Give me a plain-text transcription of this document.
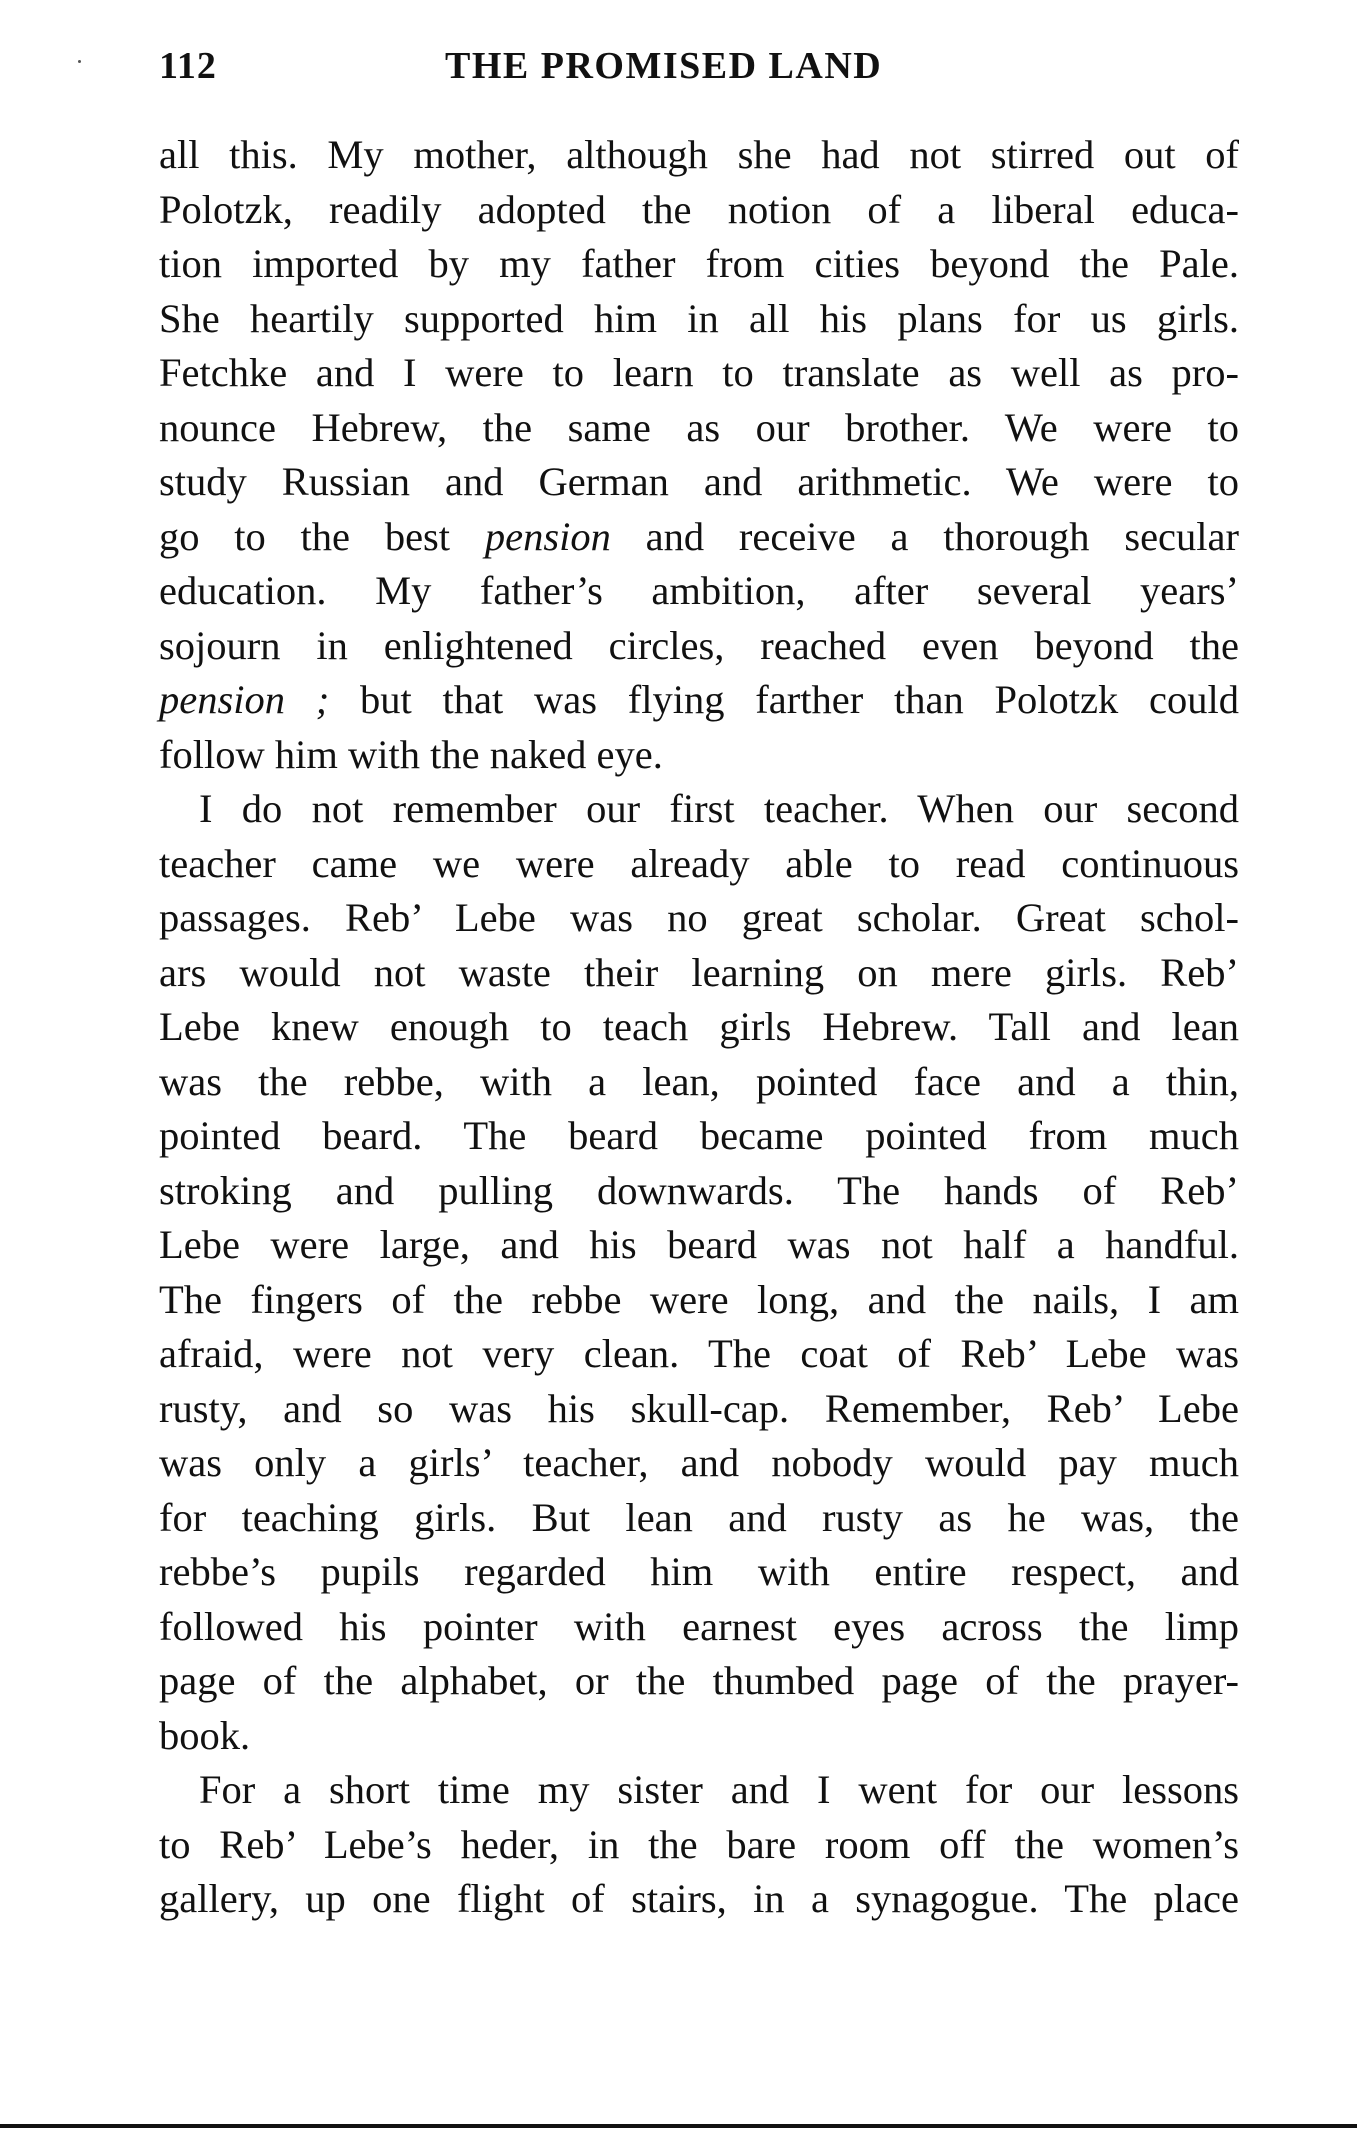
112	THE PROMISED LAND
all this. My mother, although she had not stirred out of
Polotzk, readily adopted the notion of a liberal educa-
tion imported by my father from cities beyond the Pale.
She heartily supported him in all his plans for us girls.
Fetchke and I were to learn to translate as well as pro-
nounce Hebrew, the same as our brother. We were to
study Russian and German and arithmetic. We were to
go to the best pension and receive a thorough secular
education. My father’s ambition, after several years’
sojourn in enlightened circles, reached even beyond the
pension ; but that was flying farther than Polotzk could
follow him with the naked eye.
I do not remember our first teacher. When our second
teacher came we were already able to read continuous
passages. Reb’ Lebe was no great scholar. Great schol-
ars would not waste their learning on mere girls. Reb’
Lebe knew enough to teach girls Hebrew. Tall and lean
was the rebbe, with a lean, pointed face and a thin,
pointed beard. The beard became pointed from much
stroking and pulling downwards. The hands of Reb’
Lebe were large, and his beard was not half a handful.
The fingers of the rebbe were long, and the nails, I am
afraid, were not very clean. The coat of Reb’ Lebe was
rusty, and so was his skull-cap. Remember, Reb’ Lebe
was only a girls’ teacher, and nobody would pay much
for teaching girls. But lean and rusty as he was, the
rebbe’s pupils regarded him with entire respect, and
followed his pointer with earnest eyes across the limp
page of the alphabet, or the thumbed page of the prayer-
book.
For a short time my sister and I went for our lessons
to Reb’ Lebe’s heder, in the bare room off the women’s
gallery, up one flight of stairs, in a synagogue. The place
